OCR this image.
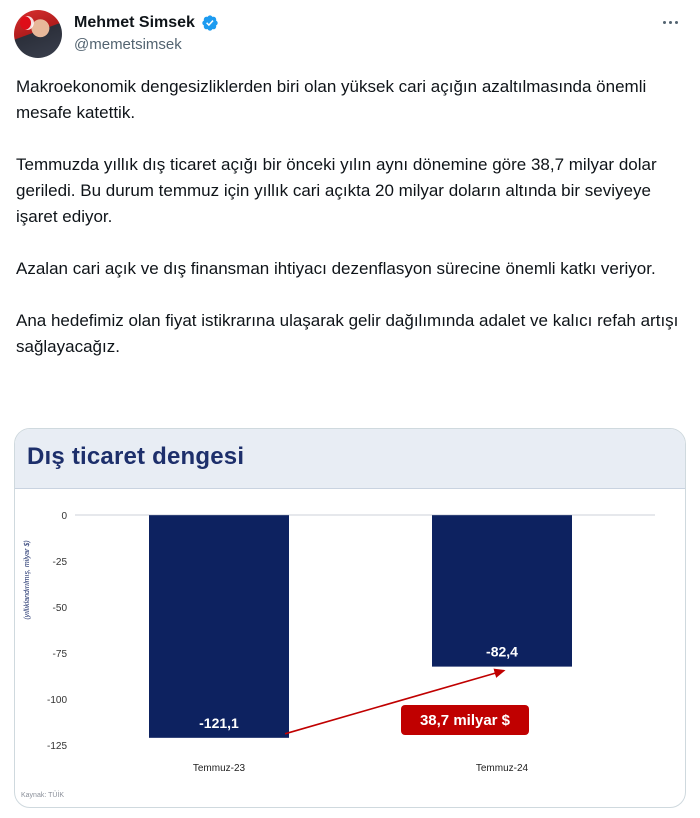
Mehmet Simsek
@memetsimsek

Makroekonomik dengesizliklerden biri olan yüksek cari açığın azaltılmasında önemli mesafe katettik.

Temmuzda yıllık dış ticaret açığı bir önceki yılın aynı dönemine göre 38,7 milyar dolar geriledi. Bu durum temmuz için yıllık cari açıkta 20 milyar doların altında bir seviyeye işaret ediyor.

Azalan cari açık ve dış finansman ihtiyacı dezenflasyon sürecine önemli katkı veriyor.

Ana hedefimiz olan fiyat istikrarına ulaşarak gelir dağılımında adalet ve kalıcı refah artışı sağlayacağız.

Dış ticaret dengesi
0
-25
-50
-75
-100
-125
(yıllıklandırılmış, milyar $)
-121,1
Temmuz-23
-82,4
Temmuz-24
38,7 milyar $
Kaynak: TÜİK
